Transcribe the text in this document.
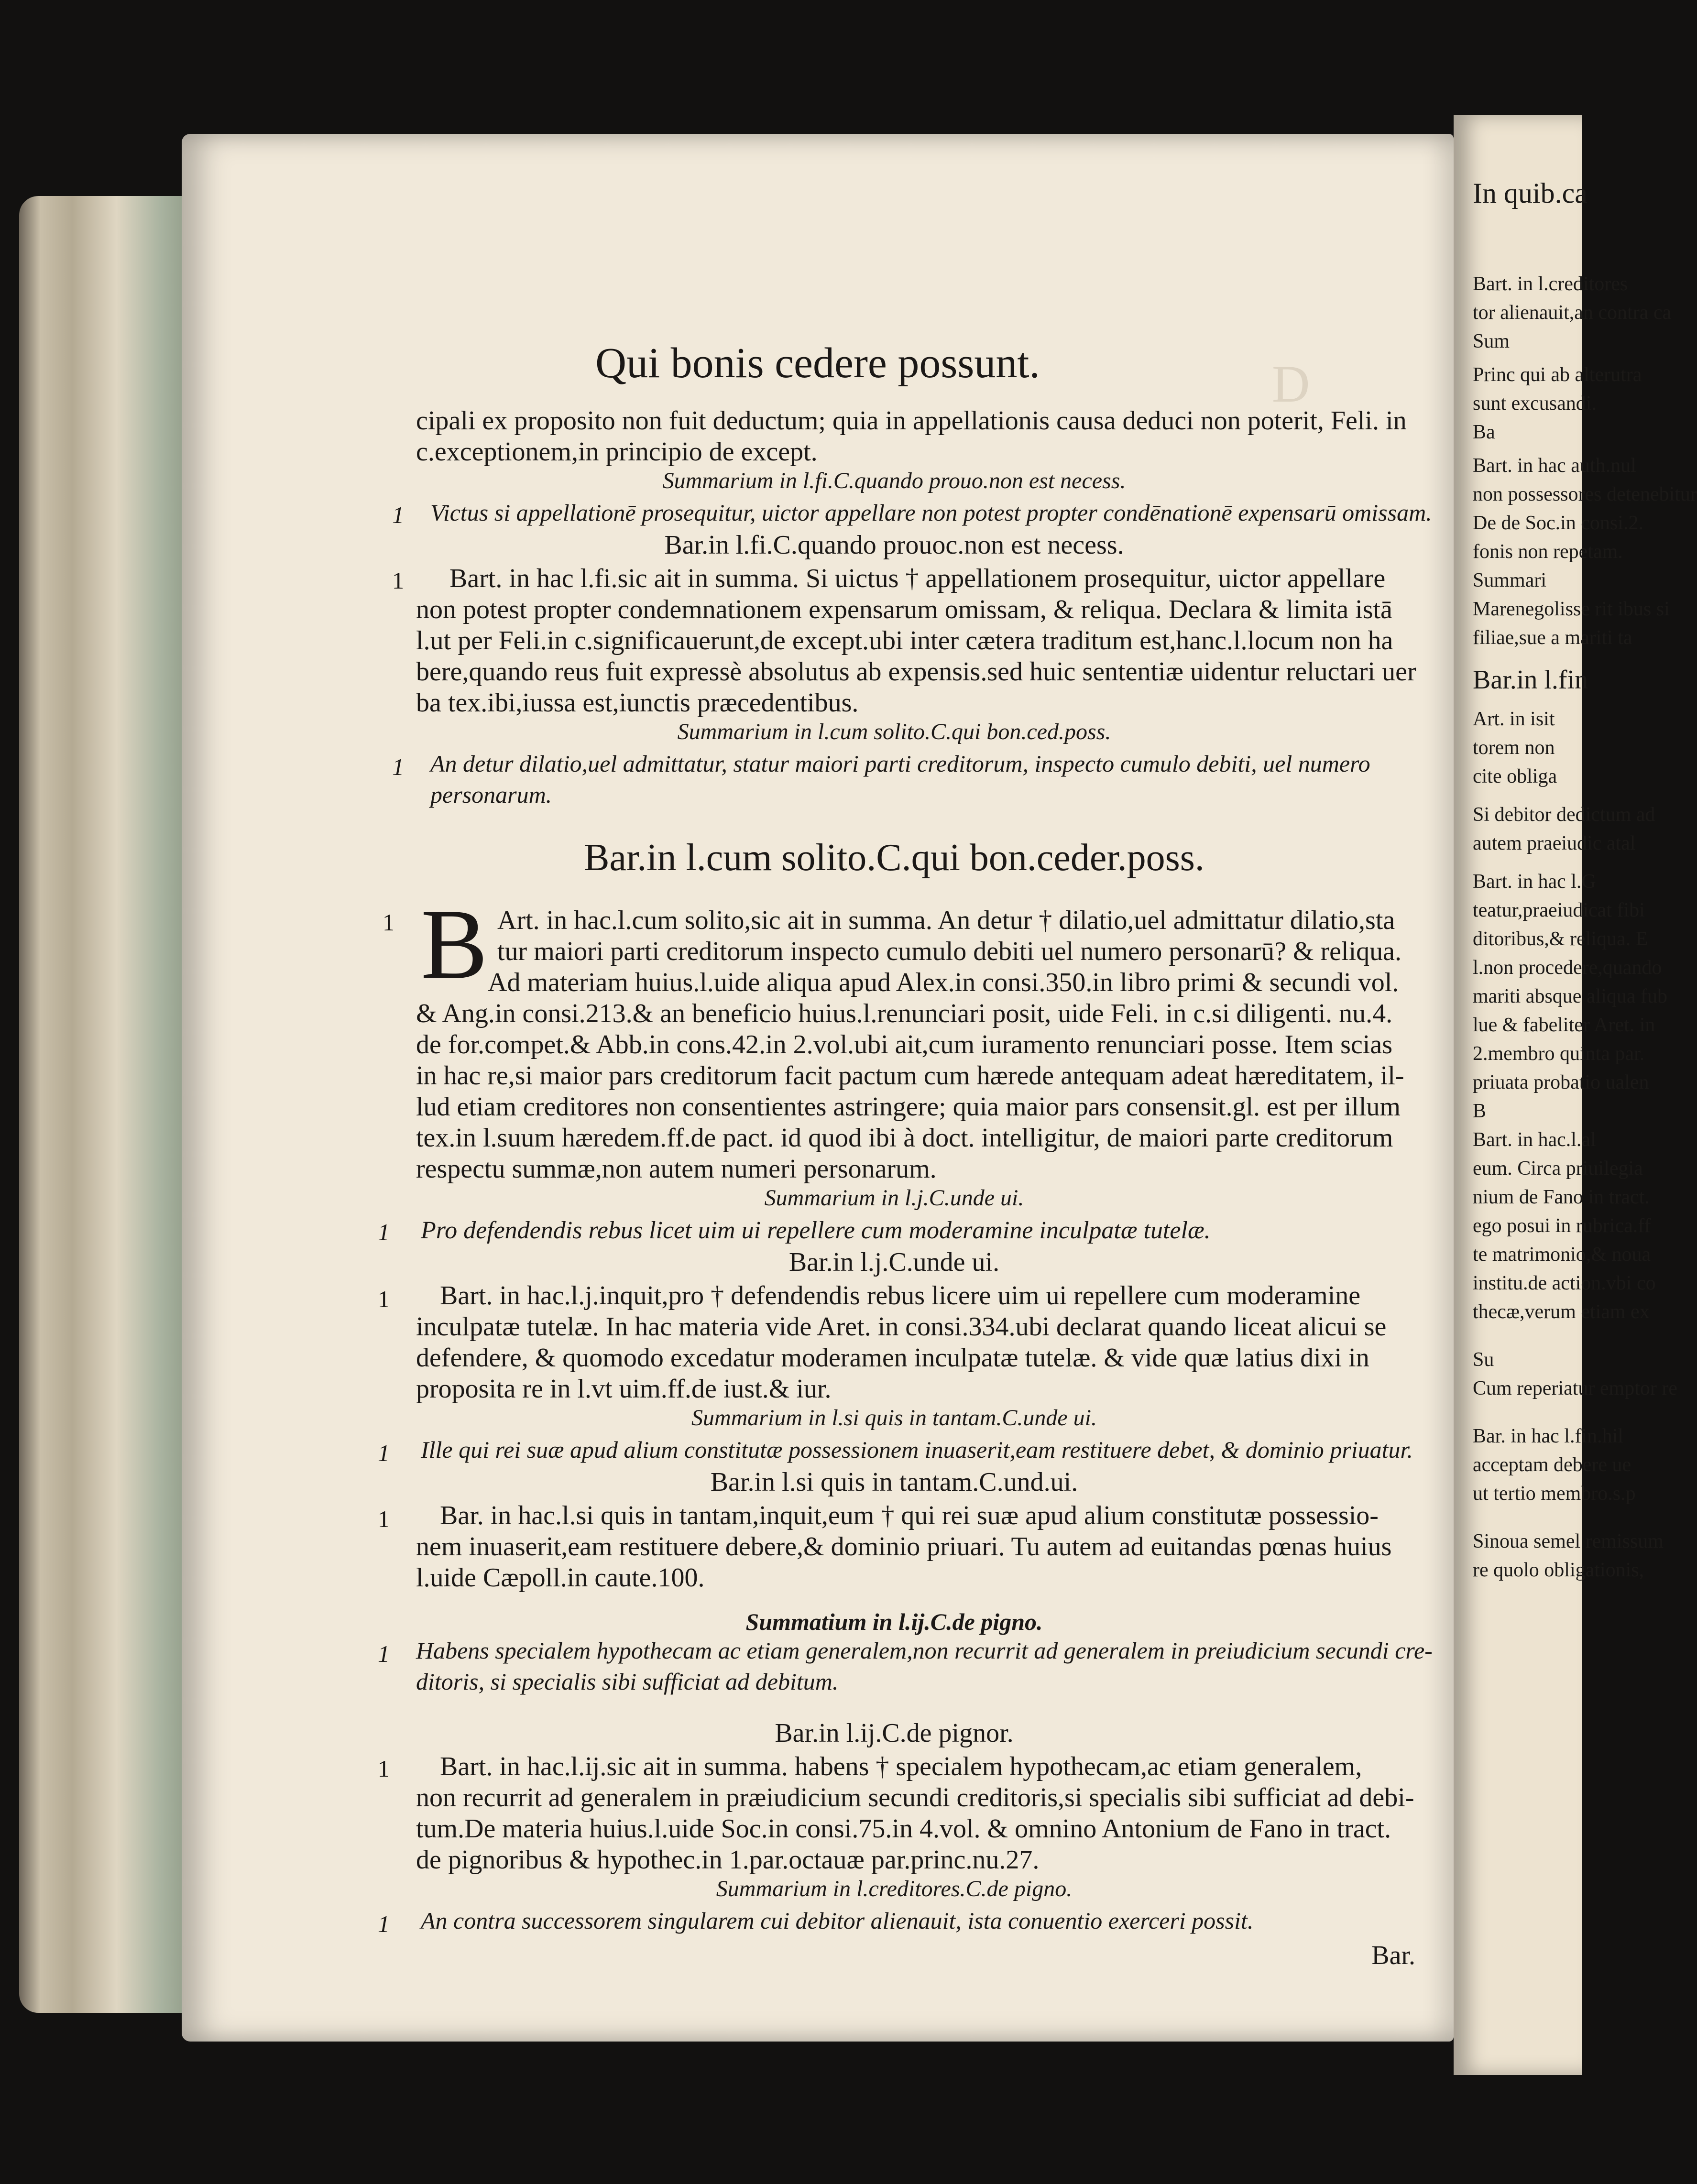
D
Qui bonis cedere possunt.
cipali ex proposito non fuit deductum; quia in appellationis causa deduci non poterit, Feli. in
c.exceptionem,in principio de except.
Summarium in l.fi.C.quando prouo.non est necess.
1 Victus si appellationē prosequitur, uictor appellare non potest propter condēnationē expensarū omissam.
Bar.in l.fi.C.quando prouoc.non est necess.
1 Bart. in hac l.fi.sic ait in summa. Si uictus † appellationem prosequitur, uictor appellare
non potest propter condemnationem expensarum omissam, & reliqua. Declara & limita istā
l.ut per Feli.in c.significauerunt,de except.ubi inter cætera traditum est,hanc.l.locum non ha
bere,quando reus fuit expressè absolutus ab expensis.sed huic sententiæ uidentur reluctari uer
ba tex.ibi,iussa est,iunctis præcedentibus.
Summarium in l.cum solito.C.qui bon.ced.poss.
1 An detur dilatio,uel admittatur, statur maiori parti creditorum, inspecto cumulo debiti, uel numero
personarum.
Bar.in l.cum solito.C.qui bon.ceder.poss.
1 B Art. in hac.l.cum solito,sic ait in summa. An detur † dilatio,uel admittatur dilatio,sta
tur maiori parti creditorum inspecto cumulo debiti uel numero personarū? & reliqua.
Ad materiam huius.l.uide aliqua apud Alex.in consi.350.in libro primi & secundi vol.
& Ang.in consi.213.& an beneficio huius.l.renunciari posit, uide Feli. in c.si diligenti. nu.4.
de for.compet.& Abb.in cons.42.in 2.vol.ubi ait,cum iuramento renunciari posse. Item scias
in hac re,si maior pars creditorum facit pactum cum hærede antequam adeat hæreditatem, il-
lud etiam creditores non consentientes astringere; quia maior pars consensit.gl. est per illum
tex.in l.suum hæredem.ff.de pact. id quod ibi à doct. intelligitur, de maiori parte creditorum
respectu summæ,non autem numeri personarum.
Summarium in l.j.C.unde ui.
1 Pro defendendis rebus licet uim ui repellere cum moderamine inculpatæ tutelæ.
Bar.in l.j.C.unde ui.
1 Bart. in hac.l.j.inquit,pro † defendendis rebus licere uim ui repellere cum moderamine
inculpatæ tutelæ. In hac materia vide Aret. in consi.334.ubi declarat quando liceat alicui se
defendere, & quomodo excedatur moderamen inculpatæ tutelæ. & vide quæ latius dixi in
proposita re in l.vt uim.ff.de iust.& iur.
Summarium in l.si quis in tantam.C.unde ui.
1 Ille qui rei suæ apud alium constitutæ possessionem inuaserit,eam restituere debet, & dominio priuatur.
Bar.in l.si quis in tantam.C.und.ui.
1 Bar. in hac.l.si quis in tantam,inquit,eum † qui rei suæ apud alium constitutæ possessio-
nem inuaserit,eam restituere debere,& dominio priuari. Tu autem ad euitandas pœnas huius
l.uide Cæpoll.in caute.100.
Summatium in l.ij.C.de pigno.
1 Habens specialem hypothecam ac etiam generalem,non recurrit ad generalem in preiudicium secundi cre-
ditoris, si specialis sibi sufficiat ad debitum.
Bar.in l.ij.C.de pignor.
1 Bart. in hac.l.ij.sic ait in summa. habens † specialem hypothecam,ac etiam generalem,
non recurrit ad generalem in præiudicium secundi creditoris,si specialis sibi sufficiat ad debi-
tum.De materia huius.l.uide Soc.in consi.75.in 4.vol. & omnino Antonium de Fano in tract.
de pignoribus & hypothec.in 1.par.octauæ par.princ.nu.27.
Summarium in l.creditores.C.de pigno.
1 An contra successorem singularem cui debitor alienauit, ista conuentio exerceri possit.
Bar.
In quib.ca
Bart. in l.creditores
tor alienauit,an contra ca
Sum
Princ qui ab alterutra
sunt excusandi.
Ba
Bart. in hac auth.nul
non possessores detenebitur
De de Soc.in consi.2.
fonis non repetam.
Summari
Marenegolisse rit ibus si
filiae,sue a mariti ta
Bar.in l.fin
Art. in isit
torem non
cite obliga
Si debitor dedictum ad
autem praeiudic atal
Bart. in hac l.G
teatur,praeiudicat fibi
ditoribus,& reliqua. E
l.non procedere,quando
mariti absque aliqua fub
lue & fabeliter Aret. in
2.membro quinta par.
priuata probatio ualen
B
Bart. in hac.l.al
eum. Circa priuilegia
nium de Fano in tract.
ego posui in rubrica.ff
te matrimonio,& noua
institu.de action.vbi co
thecæ,verum etiam ex
Su
Cum reperiatur emptor re
Bar. in hac l.fin.hil
acceptam debere ue
ut tertio membro.s.p
Sinoua semel remissum
re quolo obligationis,
